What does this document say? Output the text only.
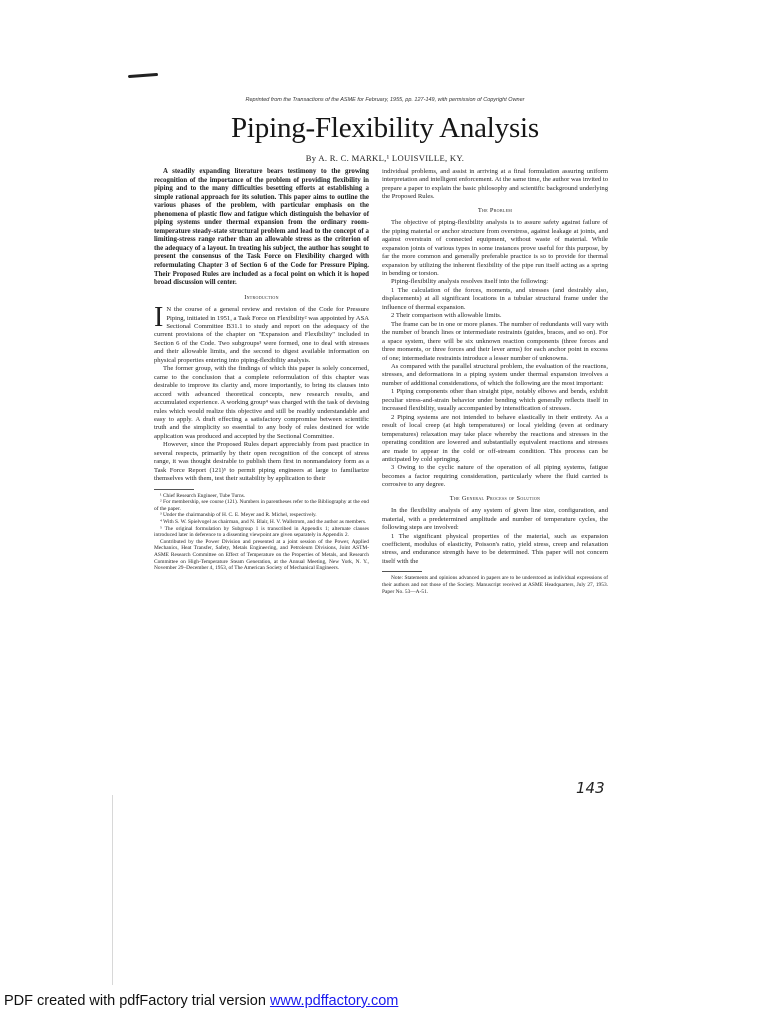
Reprinted from the Transactions of the ASME for February, 1955, pp. 127-149, with permission of Copyright Owner
Piping-Flexibility Analysis
By A. R. C. MARKL,¹ LOUISVILLE, KY.

A steadily expanding literature bears testimony to the growing recognition of the importance of the problem of providing flexibility in piping and to the many difficulties besetting efforts at establishing a simple rational approach for its solution. This paper aims to outline the various phases of the problem, with particular emphasis on the phenomena of plastic flow and fatigue which distinguish the behavior of piping systems under thermal expansion from the ordinary room-temperature steady-state structural problem and lead to the concept of a limiting-stress range rather than an allowable stress as the criterion of the adequacy of a layout. In treating his subject, the author has sought to present the consensus of the Task Force on Flexibility charged with reformulating Chapter 3 of Section 6 of the Code for Pressure Piping. Their Proposed Rules are included as a focal point on which it is hoped broad discussion will center.

Introduction

I N the course of a general review and revision of the Code for Pressure Piping, initiated in 1951, a Task Force on Flexibility² was appointed by ASA Sectional Committee B31.1 to study and report on the adequacy of the current provisions of the chapter on "Expansion and Flexibility" included in Section 6 of the Code. Two subgroups³ were formed, one to deal with stresses and their allowable limits, and the second to digest available information on physical properties entering into piping-flexibility analysis.

The former group, with the findings of which this paper is solely concerned, came to the conclusion that a complete reformulation of this chapter was desirable to improve its clarity and, more importantly, to bring its clauses into accord with advanced theoretical concepts, new research results, and accumulated experience. A working group⁴ was charged with the task of devising rules which would realize this objective and still be readily understandable and easy to apply. A draft effecting a satisfactory compromise between scientific truth and the simplicity so essential to any body of rules destined for wide application was produced and accepted by the Sectional Committee.

However, since the Proposed Rules depart appreciably from past practice in several respects, primarily by their open recognition of the concept of stress range, it was thought desirable to publish them first in nonmandatory form as a Task Force Report (121)⁵ to permit piping engineers at large to familiarize themselves with them, test their suitability by application to their

¹ Chief Research Engineer, Tube Turns.

² For membership, see course (121). Numbers in parentheses refer to the Bibliography at the end of the paper.

³ Under the chairmanship of H. C. E. Meyer and R. Michel, respectively.

⁴ With S. W. Spielvogel as chairman, and N. Blair, H. V. Wallstrom, and the author as members.

⁵ The original formulation by Subgroup 1 is transcribed in Appendix 1; alternate clauses introduced later in deference to a dissenting viewpoint are given separately in Appendix 2.

Contributed by the Power Division and presented at a joint session of the Power, Applied Mechanics, Heat Transfer, Safety, Metals Engineering, and Petroleum Divisions, Joint ASTM-ASME Research Committee on Effect of Temperature on the Properties of Metals, and Research Committee on High-Temperature Steam Generation, at the Annual Meeting, New York, N. Y., November 29–December 4, 1953, of The American Society of Mechanical Engineers.

individual problems, and assist in arriving at a final formulation assuring uniform interpretation and intelligent enforcement. At the same time, the author was invited to prepare a paper to explain the basic philosophy and scientific background underlying the Proposed Rules.

The Problem

The objective of piping-flexibility analysis is to assure safety against failure of the piping material or anchor structure from overstress, against leakage at joints, and against overstrain of connected equipment, without waste of material. While expansion joints of various types in some instances prove useful for this purpose, by far the more common and generally preferable practice is so to provide for thermal expansion by utilizing the inherent flexibility of the pipe run itself acting as a spring in bending or torsion.

Piping-flexibility analysis resolves itself into the following:

1 The calculation of the forces, moments, and stresses (and desirably also, displacements) at all significant locations in a tubular structural frame under the influence of thermal expansion.

2 Their comparison with allowable limits.

The frame can be in one or more planes. The number of redundants will vary with the number of branch lines or intermediate restraints (guides, braces, and so on). For a space system, there will be six unknown reaction components (three forces and three moments, or three forces and their lever arms) for each anchor point in excess of one; intermediate restraints introduce a lesser number of unknowns.

As compared with the parallel structural problem, the evaluation of the reactions, stresses, and deformations in a piping system under thermal expansion involves a number of additional considerations, of which the following are the most important:

1 Piping components other than straight pipe, notably elbows and bends, exhibit peculiar stress-and-strain behavior under bending which generally reflects itself in increased flexibility, usually accompanied by intensification of stresses.

2 Piping systems are not intended to behave elastically in their entirety. As a result of local creep (at high temperatures) or local yielding (even at ordinary temperatures) relaxation may take place whereby the reactions and stresses in the operating condition are lowered and substantially equivalent reactions and stresses are made to appear in the cold or off-stream condition. This process can be anticipated by cold springing.

3 Owing to the cyclic nature of the operation of all piping systems, fatigue becomes a factor requiring consideration, particularly where the fluid carried is corrosive to any degree.

The General Process of Solution

In the flexibility analysis of any system of given line size, configuration, and material, with a predetermined amplitude and number of temperature cycles, the following steps are involved:

1 The significant physical properties of the material, such as expansion coefficient, modulus of elasticity, Poisson's ratio, yield stress, creep and relaxation stress, and endurance strength have to be determined. This paper will not concern itself with the

Note: Statements and opinions advanced in papers are to be understood as individual expressions of their authors and not those of the Society. Manuscript received at ASME Headquarters, July 27, 1953. Paper No. 53—A-51.

143
PDF created with pdfFactory trial version www.pdffactory.com
